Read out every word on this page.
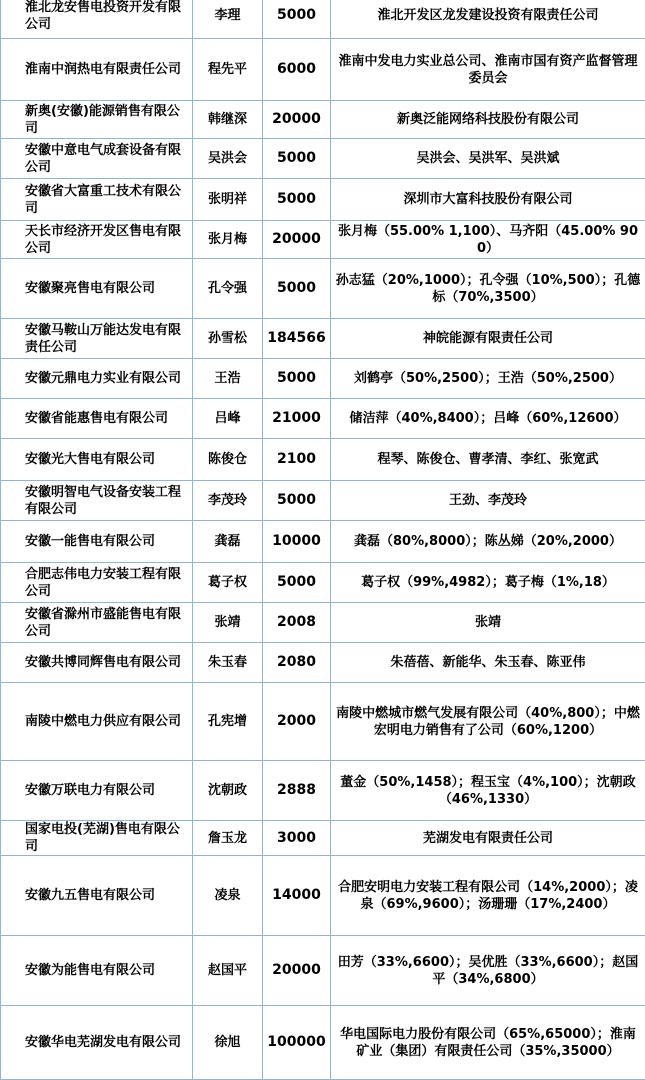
淮北龙安售电投资开发有限公司	李理	5000	淮北开发区龙发建设投资有限责任公司
淮南中润热电有限责任公司	程先平	6000	淮南中发电力实业总公司、淮南市国有资产监督管理委员会
新奥(安徽)能源销售有限公司	韩继深	20000	新奥泛能网络科技股份有限公司
安徽中意电气成套设备有限公司	吴洪会	5000	吴洪会、吴洪军、吴洪斌
安徽省大富重工技术有限公司	张明祥	5000	深圳市大富科技股份有限公司
天长市经济开发区售电有限公司	张月梅	20000	张月梅（55.00% 1,100）、马齐阳（45.00% 900）
安徽聚亮售电有限公司	孔令强	5000	孙志猛（20%,1000）；孔令强（10%,500）；孔德标（70%,3500）
安徽马鞍山万能达发电有限责任公司	孙雪松	184566	神皖能源有限责任公司
安徽元鼎电力实业有限公司	王浩	5000	刘鹤亭（50%,2500）；王浩（50%,2500）
安徽省能惠售电有限公司	吕峰	21000	储洁萍（40%,8400）；吕峰（60%,12600）
安徽光大售电有限公司	陈俊仓	2100	程琴、陈俊仓、曹孝清、李红、张宽武
安徽明智电气设备安装工程有限公司	李茂玲	5000	王劲、李茂玲
安徽一能售电有限公司	龚磊	10000	龚磊（80%,8000）；陈丛娣（20%,2000）
合肥志伟电力安装工程有限公司	葛子权	5000	葛子权（99%,4982）；葛子梅（1%,18）
安徽省滁州市盛能售电有限公司	张靖	2008	张靖
安徽共博同辉售电有限公司	朱玉春	2080	朱蓓蓓、新能华、朱玉春、陈亚伟
南陵中燃电力供应有限公司	孔宪增	2000	南陵中燃城市燃气发展有限公司（40%,800）；中燃宏明电力销售有了公司（60%,1200）
安徽万联电力有限公司	沈朝政	2888	董金（50%,1458）；程玉宝（4%,100）；沈朝政（46%,1330）
国家电投(芜湖)售电有限公司	詹玉龙	3000	芜湖发电有限责任公司
安徽九五售电有限公司	凌泉	14000	合肥安明电力安装工程有限公司（14%,2000）；凌泉（69%,9600）；汤珊珊（17%,2400）
安徽为能售电有限公司	赵国平	20000	田芳（33%,6600）；吴优胜（33%,6600）；赵国平（34%,6800）
安徽华电芜湖发电有限公司	徐旭	100000	华电国际电力股份有限公司（65%,65000）；淮南矿业（集团）有限责任公司（35%,35000）
